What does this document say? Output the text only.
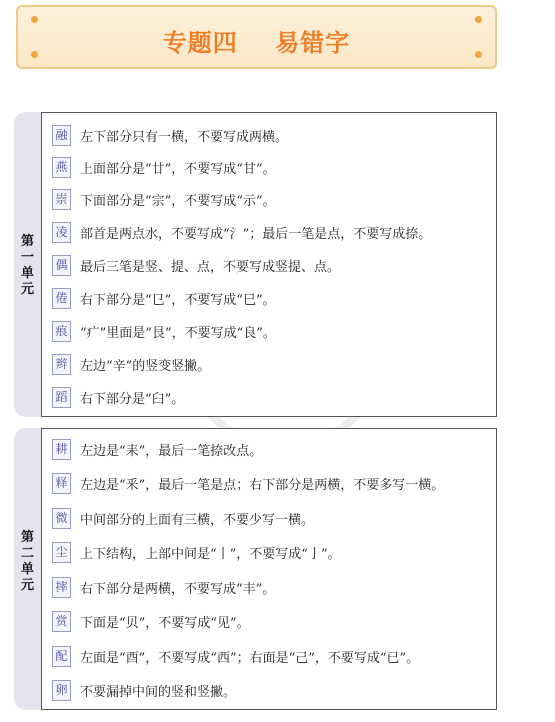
专题四    易错字
第
一
单
元
融 左下部分只有一横，不要写成两横。
燕 上面部分是“廿”，不要写成“甘”。
崇 下面部分是“宗”，不要写成“示”。
凌 部首是两点水，不要写成“氵”；最后一笔是点，不要写成捺。
偶 最后三笔是竖、提、点，不要写成竖提、点。
倦 右下部分是“㔾”，不要写成“巳”。
痕 “疒”里面是“艮”，不要写成“良”。
辫 左边“辛”的竖变竖撇。
蹈 右下部分是“臼”。
第
二
单
元
耕 左边是“耒”，最后一笔捺改点。
释 左边是“釆”，最后一笔是点；右下部分是两横，不要多写一横。
微 中间部分的上面有三横，不要少写一横。
尘 上下结构，上部中间是“丨”，不要写成“亅”。
摔 右下部分是两横，不要写成“丰”。
赏 下面是“贝”，不要写成“见”。
配 左面是“酉”，不要写成“西”；右面是“己”，不要写成“已”。
卵 不要漏掉中间的竖和竖撇。
